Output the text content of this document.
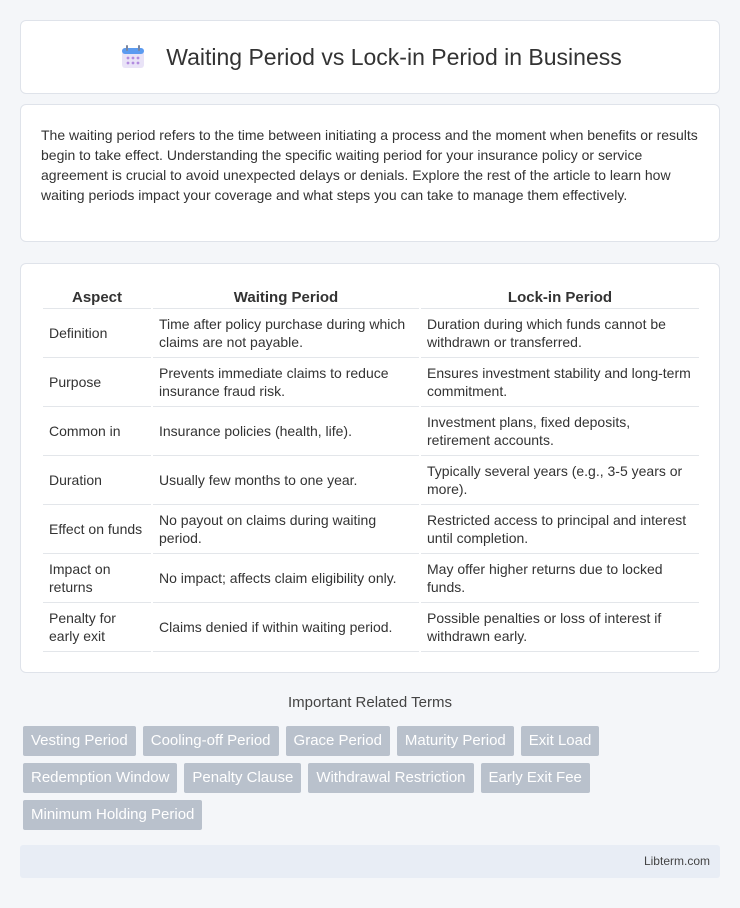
Waiting Period vs Lock-in Period in Business

The waiting period refers to the time between initiating a process and the moment when benefits or results begin to take effect. Understanding the specific waiting period for your insurance policy or service agreement is crucial to avoid unexpected delays or denials. Explore the rest of the article to learn how waiting periods impact your coverage and what steps you can take to manage them effectively.

Aspect	Waiting Period	Lock-in Period
Definition	Time after policy purchase during which claims are not payable.	Duration during which funds cannot be withdrawn or transferred.
Purpose	Prevents immediate claims to reduce insurance fraud risk.	Ensures investment stability and long-term commitment.
Common in	Insurance policies (health, life).	Investment plans, fixed deposits, retirement accounts.
Duration	Usually few months to one year.	Typically several years (e.g., 3-5 years or more).
Effect on funds	No payout on claims during waiting period.	Restricted access to principal and interest until completion.
Impact on returns	No impact; affects claim eligibility only.	May offer higher returns due to locked funds.
Penalty for early exit	Claims denied if within waiting period.	Possible penalties or loss of interest if withdrawn early.
Important Related Terms
Vesting Period	Cooling-off Period	Grace Period	Maturity Period	Exit Load
Redemption Window	Penalty Clause	Withdrawal Restriction	Early Exit Fee
Minimum Holding Period
Libterm.com
